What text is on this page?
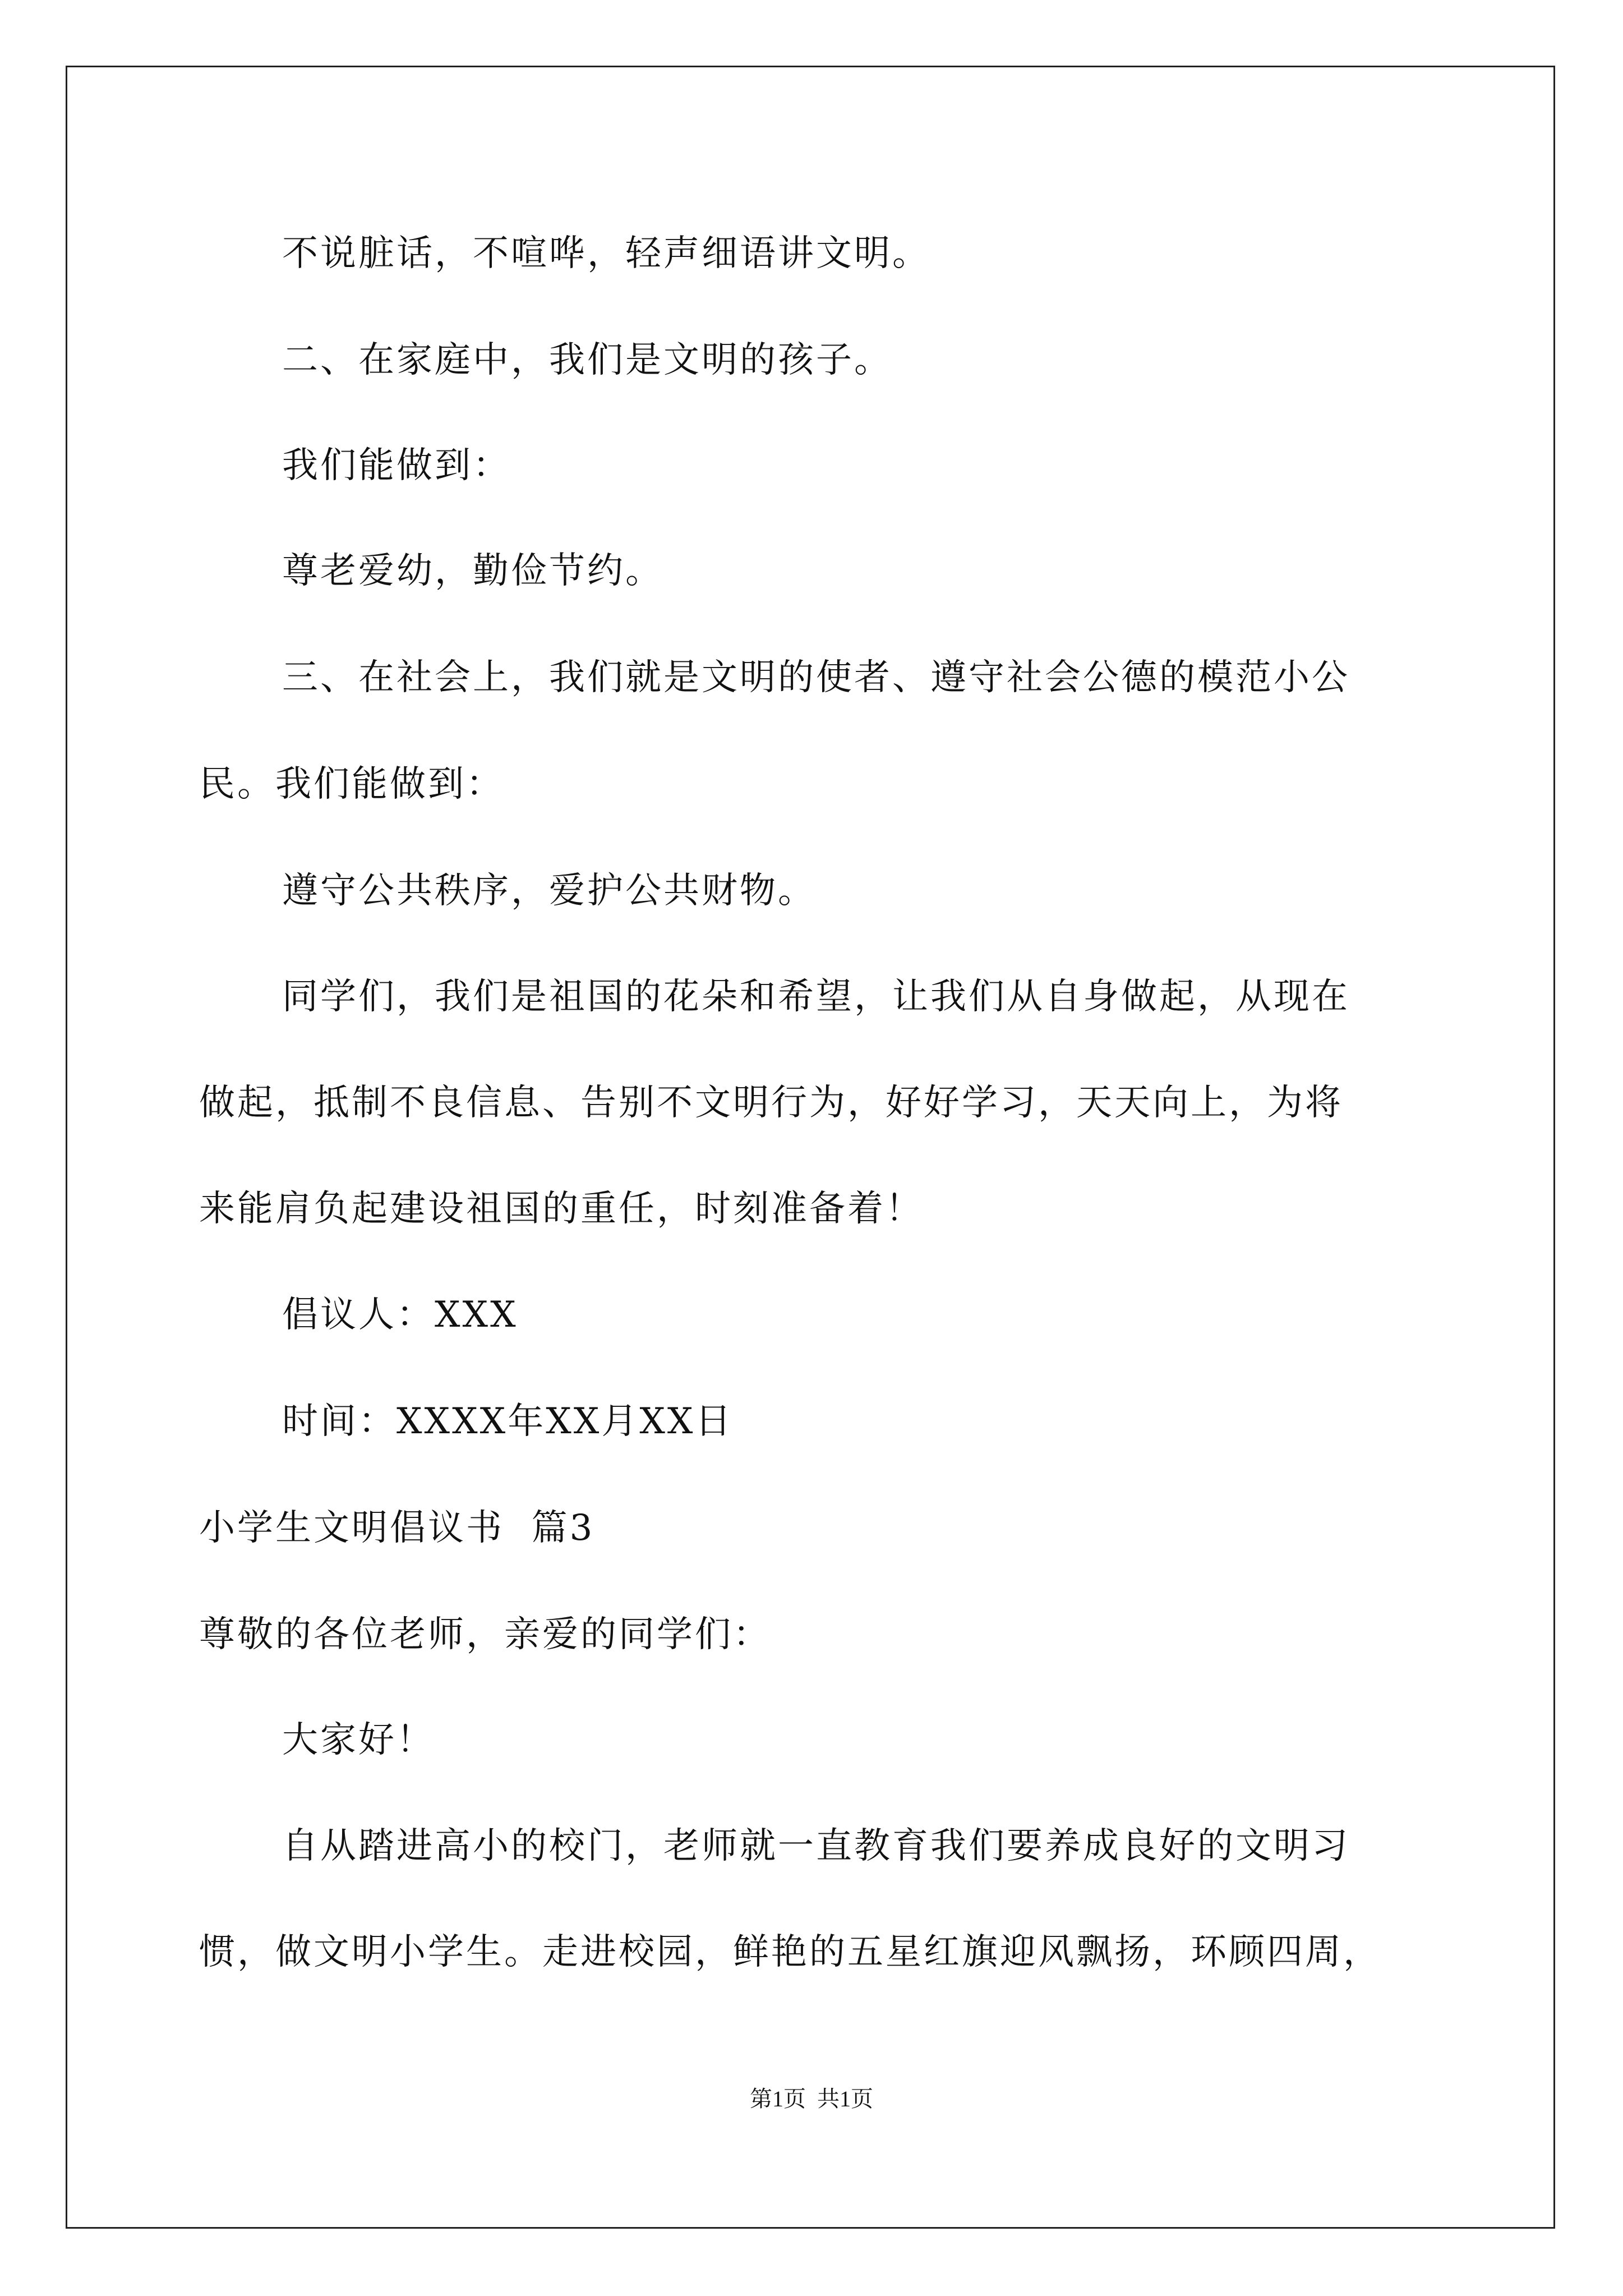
不说脏话，不喧哗，轻声细语讲文明。
二、在家庭中，我们是文明的孩子。
我们能做到：
尊老爱幼，勤俭节约。
三、在社会上，我们就是文明的使者、遵守社会公德的模范小公
民。我们能做到：
遵守公共秩序，爱护公共财物。
同学们，我们是祖国的花朵和希望，让我们从自身做起，从现在
做起，抵制不良信息、告别不文明行为，好好学习，天天向上，为将
来能肩负起建设祖国的重任，时刻准备着！
倡议人：XXX
时间：XXXX年XX月XX日
小学生文明倡议书  篇3
尊敬的各位老师，亲爱的同学们：
大家好！
自从踏进高小的校门，老师就一直教育我们要养成良好的文明习
惯，做文明小学生。走进校园，鲜艳的五星红旗迎风飘扬，环顾四周，
第1页  共1页
